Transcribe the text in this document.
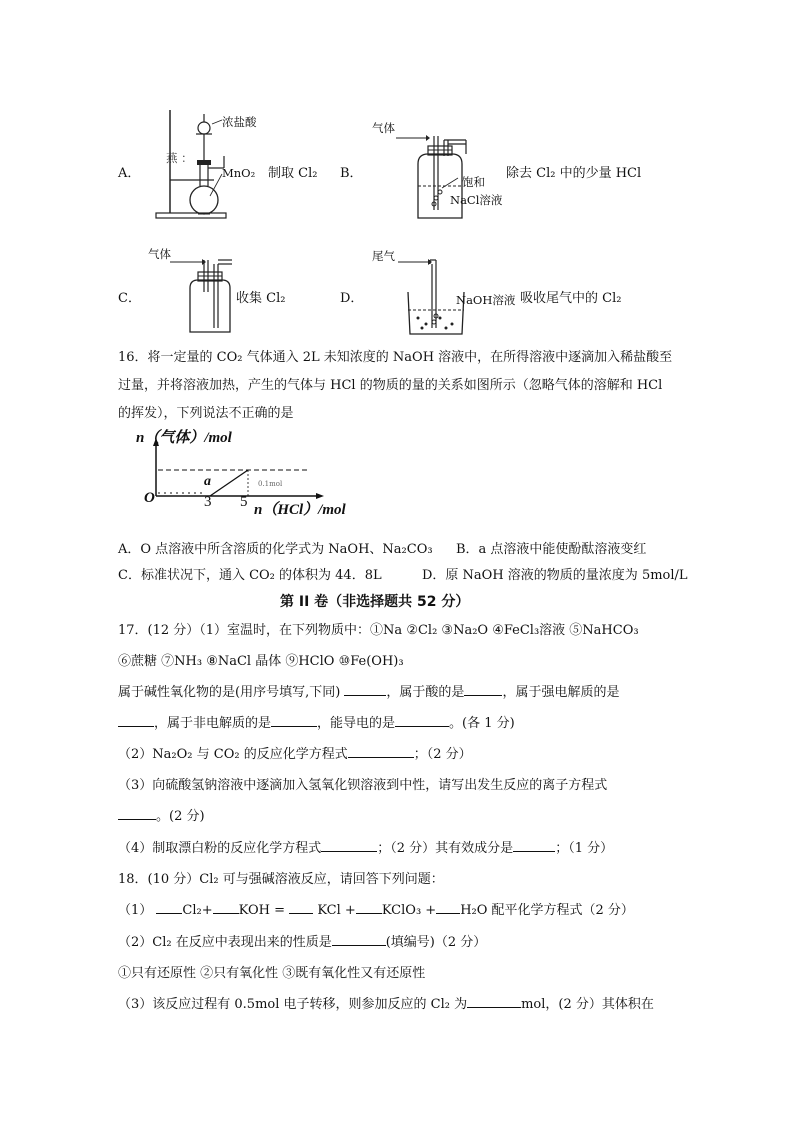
A．
浓盐酸
MnO₂
燕 ：
制取 Cl₂ B．
气体
饱和
NaCl溶液
除去 Cl₂ 中的少量 HCl
C．
气体
收集 Cl₂	D．
尾气
NaOH溶液 吸收尾气中的 Cl₂
16．将一定量的 CO₂ 气体通入 2L 未知浓度的 NaOH 溶液中，在所得溶液中逐滴加入稀盐酸至
过量，并将溶液加热，产生的气体与 HCl 的物质的量的关系如图所示（忽略气体的溶解和 HCl
的挥发），下列说法不正确的是
n（气体）/mol
O
a
3 5
0.1mol
n（HCl）/mol
A．O 点溶液中所含溶质的化学式为 NaOH、Na₂CO₃ B．a 点溶液中能使酚酞溶液变红
C．标准状况下，通入 CO₂ 的体积为 44．8L	D．原 NaOH 溶液的物质的量浓度为 5mol/L
第 II 卷（非选择题共 52 分）
17．(12 分）（1）室温时，在下列物质中：①Na ②Cl₂ ③Na₂O ④FeCl₃溶液 ⑤NaHCO₃
⑥蔗糖 ⑦NH₃ ⑧NaCl 晶体 ⑨HClO ⑩Fe(OH)₃
属于碱性氧化物的是(用序号填写,下同)	，属于酸的是	，属于强电解质的是
，属于非电解质的是	，能导电的是	。(各 1 分)
（2）Na₂O₂ 与 CO₂ 的反应化学方程式	；（2 分）
（3）向硫酸氢钠溶液中逐滴加入氢氧化钡溶液到中性，请写出发生反应的离子方程式
。(2 分)
（4）制取漂白粉的反应化学方程式	；（2 分）其有效成分是	；（1 分）
18．(10 分）Cl₂ 可与强碱溶液反应，请回答下列问题：
（1） Cl₂+ KOH = KCl + KClO₃ + H₂O 配平化学方程式（2 分）
（2）Cl₂ 在反应中表现出来的性质是	(填编号)（2 分）
①只有还原性 ②只有氧化性 ③既有氧化性又有还原性
（3）该反应过程有 0.5mol 电子转移，则参加反应的 Cl₂ 为	mol，(2 分）其体积在
